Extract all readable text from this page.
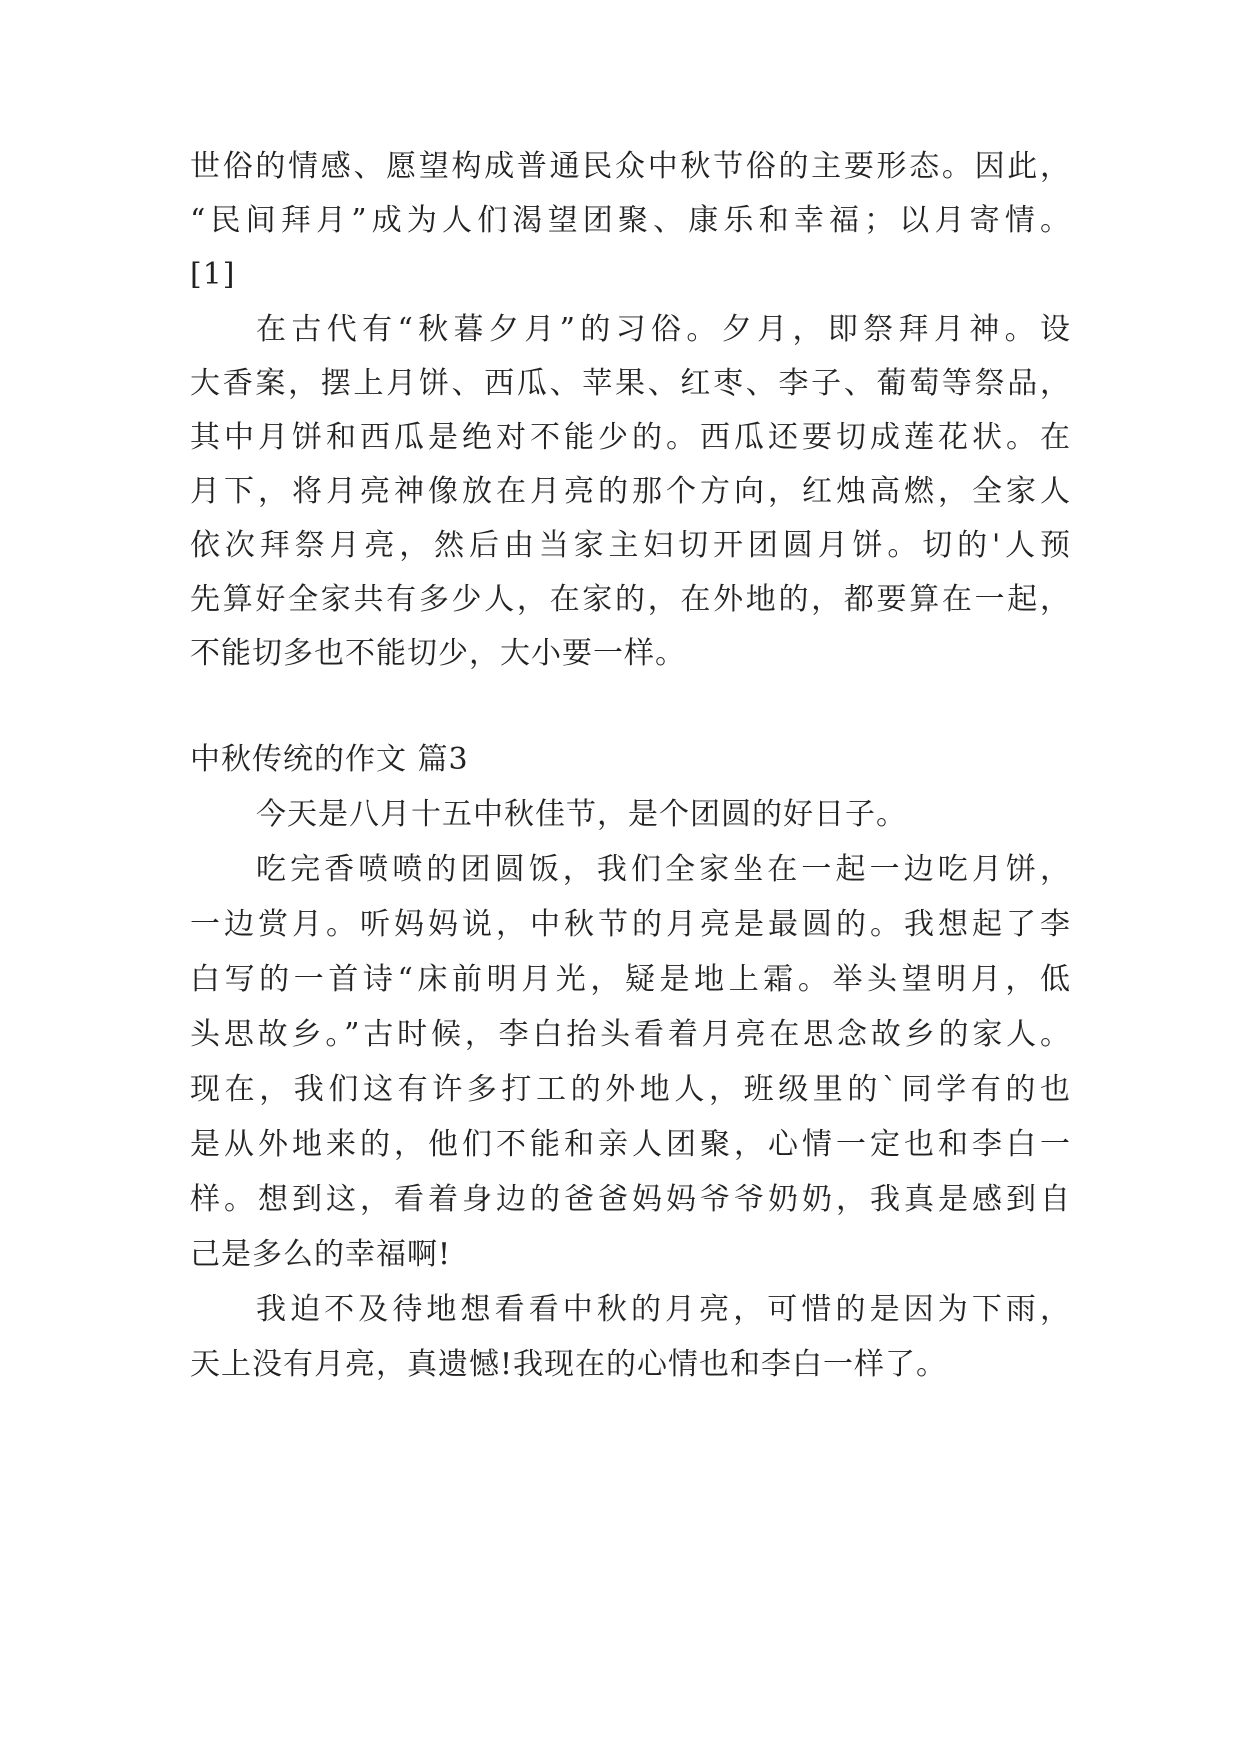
世俗的情感、愿望构成普通民众中秋节俗的主要形态。因此，
“民间拜月”成为人们渴望团聚、康乐和幸福；以月寄情。
[1]
在古代有“秋暮夕月”的习俗。夕月，即祭拜月神。设
大香案，摆上月饼、西瓜、苹果、红枣、李子、葡萄等祭品，
其中月饼和西瓜是绝对不能少的。西瓜还要切成莲花状。在
月下，将月亮神像放在月亮的那个方向，红烛高燃，全家人
依次拜祭月亮，然后由当家主妇切开团圆月饼。切的'人预
先算好全家共有多少人，在家的，在外地的，都要算在一起，
不能切多也不能切少，大小要一样。
中秋传统的作文 篇3
今天是八月十五中秋佳节，是个团圆的好日子。
吃完香喷喷的团圆饭，我们全家坐在一起一边吃月饼，
一边赏月。听妈妈说，中秋节的月亮是最圆的。我想起了李
白写的一首诗“床前明月光，疑是地上霜。举头望明月，低
头思故乡。”古时候，李白抬头看着月亮在思念故乡的家人。
现在，我们这有许多打工的外地人，班级里的`同学有的也
是从外地来的，他们不能和亲人团聚，心情一定也和李白一
样。想到这，看着身边的爸爸妈妈爷爷奶奶，我真是感到自
己是多么的幸福啊!
我迫不及待地想看看中秋的月亮，可惜的是因为下雨，
天上没有月亮，真遗憾!我现在的心情也和李白一样了。
